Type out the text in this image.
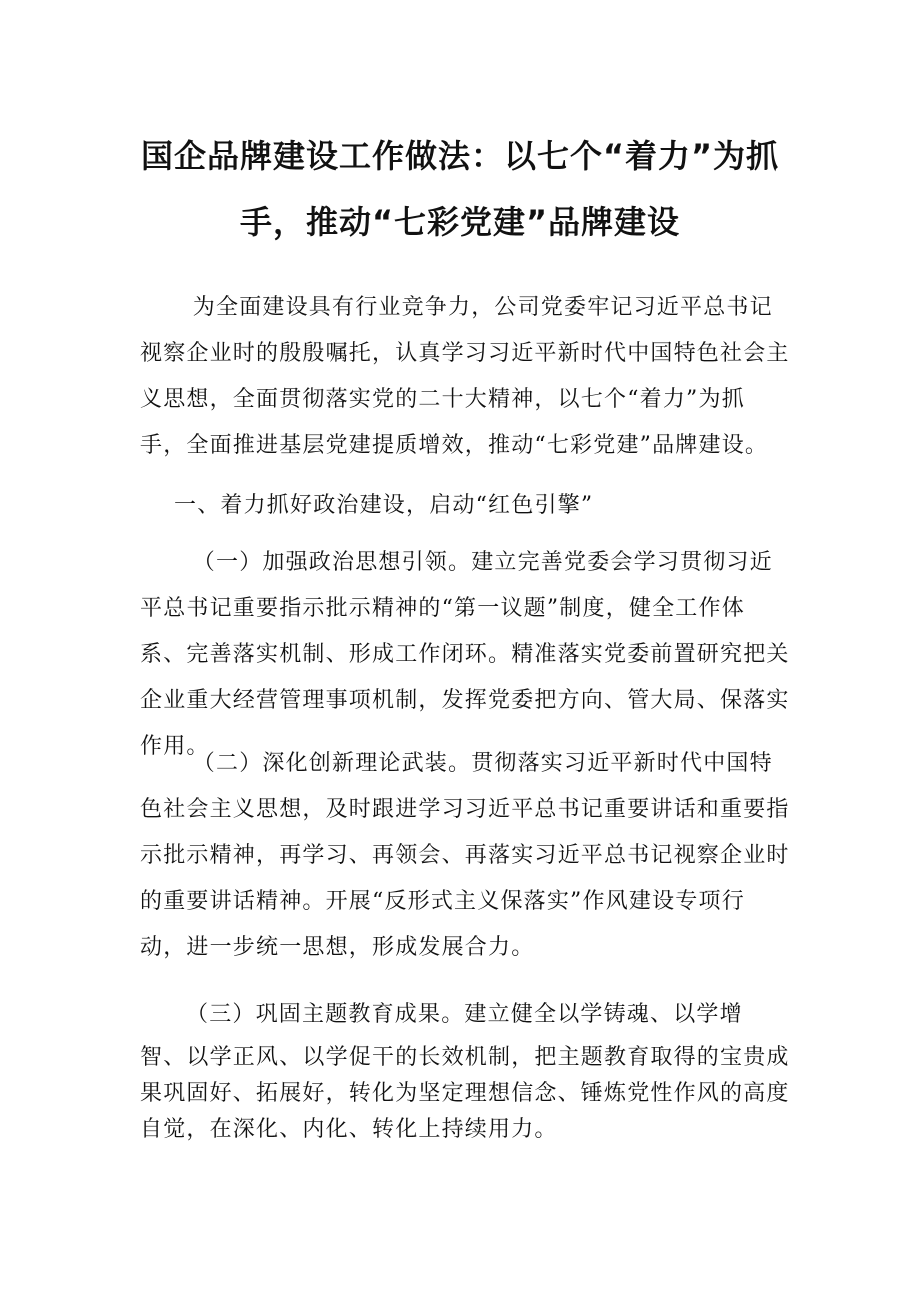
国企品牌建设工作做法：以七个“着力”为抓
手，推动“七彩党建”品牌建设
为全面建设具有行业竞争力，公司党委牢记习近平总书记视察企业时的殷殷嘱托，认真学习习近平新时代中国特色社会主义思想，全面贯彻落实党的二十大精神，以七个“着力”为抓手，全面推进基层党建提质增效，推动“七彩党建”品牌建设。
一、着力抓好政治建设，启动“红色引擎”
（一）加强政治思想引领。建立完善党委会学习贯彻习近平总书记重要指示批示精神的“第一议题”制度，健全工作体系、完善落实机制、形成工作闭环。精准落实党委前置研究把关企业重大经营管理事项机制，发挥党委把方向、管大局、保落实作用。
（二）深化创新理论武装。贯彻落实习近平新时代中国特色社会主义思想，及时跟进学习习近平总书记重要讲话和重要指示批示精神，再学习、再领会、再落实习近平总书记视察企业时的重要讲话精神。开展“反形式主义保落实”作风建设专项行动，进一步统一思想，形成发展合力。
（三）巩固主题教育成果。建立健全以学铸魂、以学增
智、以学正风、以学促干的长效机制，把主题教育取得的宝贵成果巩固好、拓展好，转化为坚定理想信念、锤炼党性作风的高度自觉，在深化、内化、转化上持续用力。
